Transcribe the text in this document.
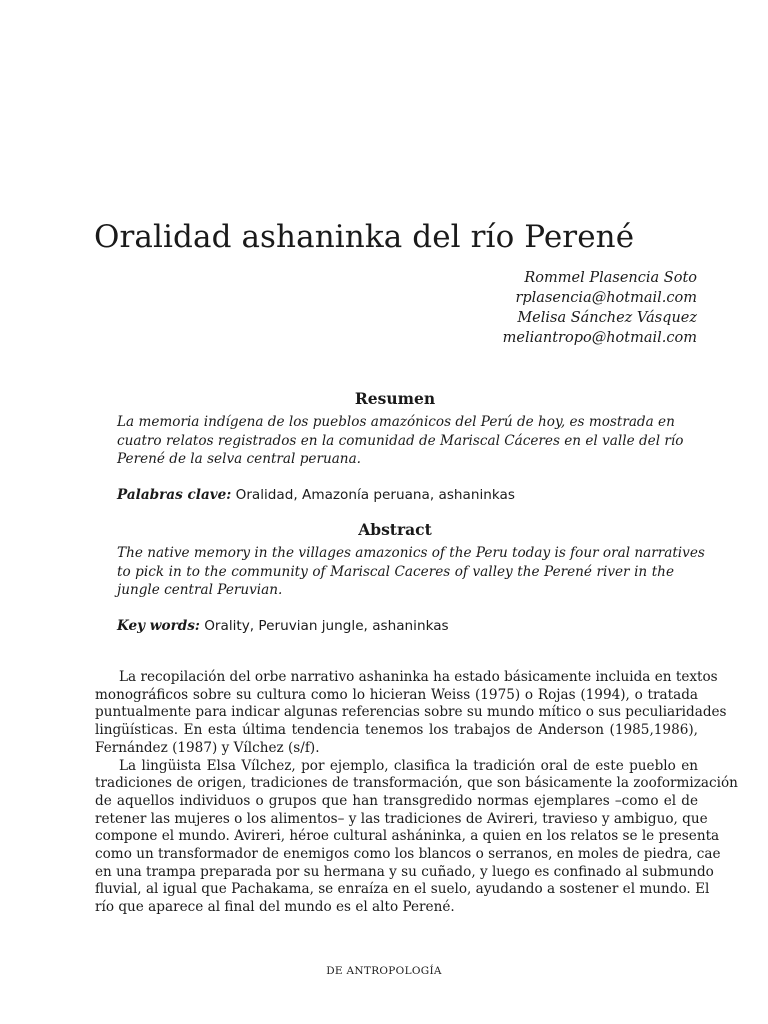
Oralidad ashaninka del río Perené
Rommel Plasencia Soto
rplasencia@hotmail.com
Melisa Sánchez Vásquez
meliantropo@hotmail.com
Resumen
La memoria indígena de los pueblos amazónicos del Perú de hoy, es mostrada en
cuatro relatos registrados en la comunidad de Mariscal Cáceres en el valle del río
Perené de la selva central peruana.
Palabras clave: Oralidad, Amazonía peruana, ashaninkas
Abstract
The native memory in the villages amazonics of the Peru today is four oral narratives
to pick in to the community of Mariscal Caceres of valley the Perené river in the
jungle central Peruvian.
Key words: Orality, Peruvian jungle, ashaninkas
La recopilación del orbe narrativo ashaninka ha estado básicamente incluida en textos
monográficos sobre su cultura como lo hicieran Weiss (1975) o Rojas (1994), o tratada
puntualmente para indicar algunas referencias sobre su mundo mítico o sus peculiaridades
lingüísticas. En esta última tendencia tenemos los trabajos de Anderson (1985,1986),
Fernández (1987) y Vílchez (s/f).
La lingüista Elsa Vílchez, por ejemplo, clasifica la tradición oral de este pueblo en
tradiciones de origen, tradiciones de transformación, que son básicamente la zooformización
de aquellos individuos o grupos que han transgredido normas ejemplares –como el de
retener las mujeres o los alimentos– y las tradiciones de Avireri, travieso y ambiguo, que
compone el mundo. Avireri, héroe cultural asháninka, a quien en los relatos se le presenta
como un transformador de enemigos como los blancos o serranos, en moles de piedra, cae
en una trampa preparada por su hermana y su cuñado, y luego es confinado al submundo
fluvial, al igual que Pachakama, se enraíza en el suelo, ayudando a sostener el mundo. El
río que aparece al final del mundo es el alto Perené.
DE ANTROPOLOGÍA
